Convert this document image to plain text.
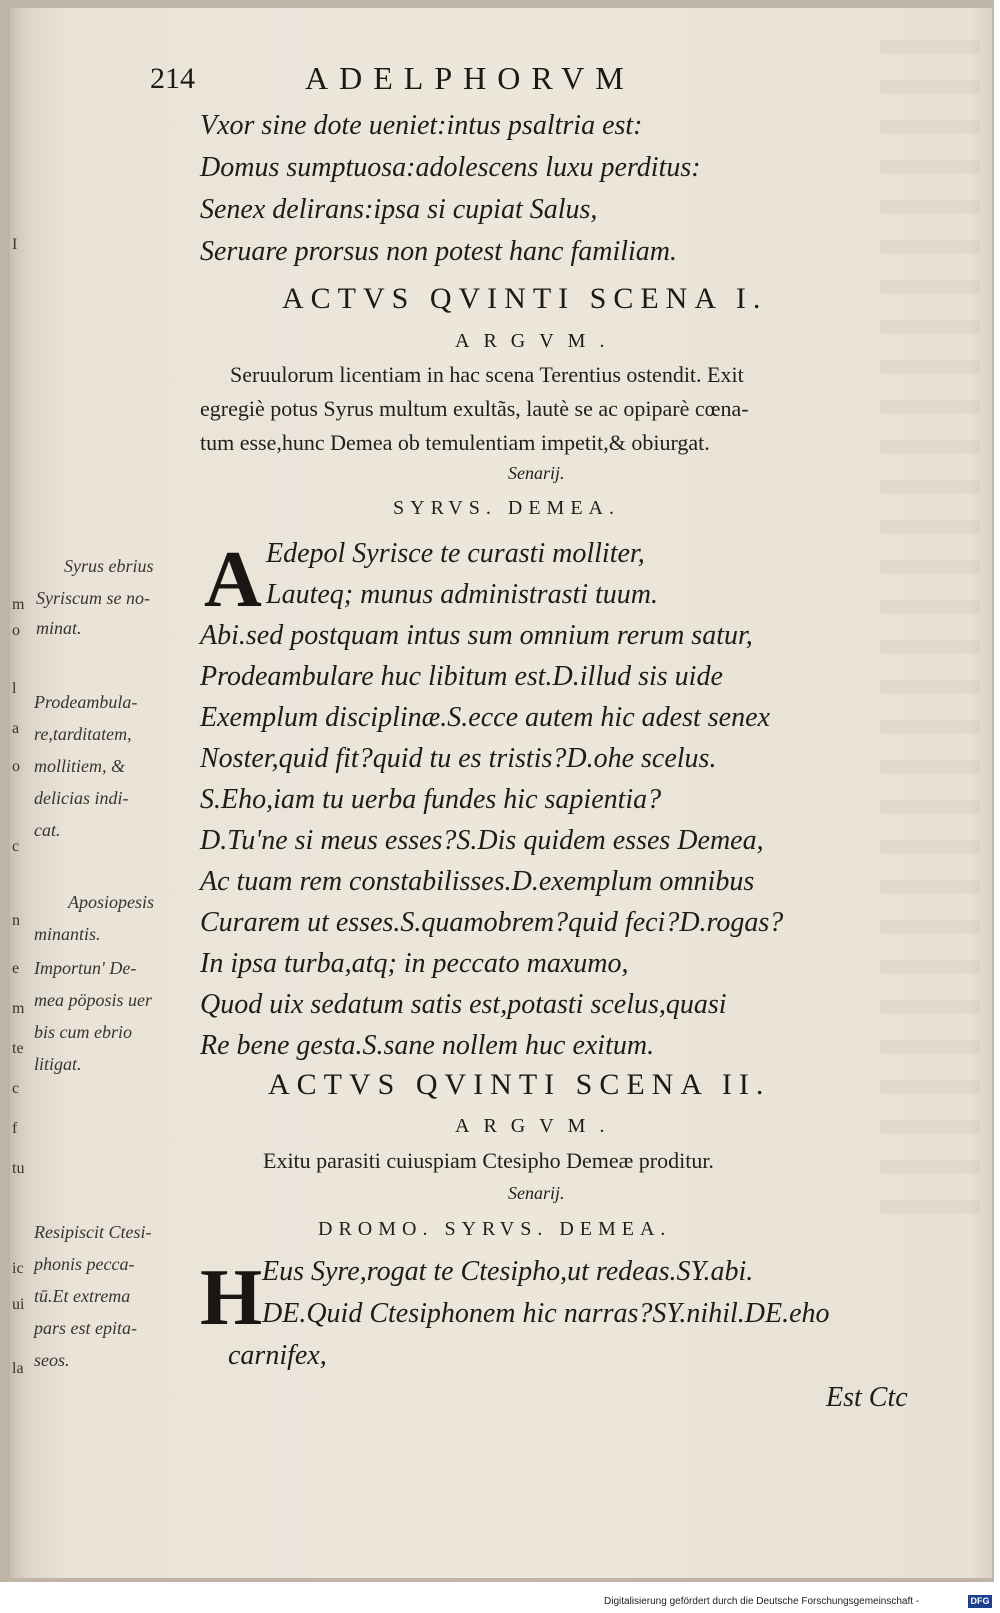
214	ADELPHORVM
Vxor sine dote ueniet:intus psaltria est:
Domus sumptuosa:adolescens luxu perditus:
Senex delirans:ipsa si cupiat Salus,
Seruare prorsus non potest hanc familiam.
ACTVS QVINTI SCENA I.
ARGVM.
Seruulorum licentiam in hac scena Terentius ostendit. Exit
egregiè potus Syrus multum exultãs, lautè se ac opiparè cœna-
tum esse,hunc Demea ob temulentiam impetit,& obiurgat.
Senarij.
SYRVS. DEMEA.
A Edepol Syrisce te curasti molliter,
Lauteq; munus administrasti tuum.
Abi.sed postquam intus sum omnium rerum satur,
Prodeambulare huc libitum est.D.illud sis uide
Exemplum disciplinæ.S.ecce autem hic adest senex
Noster,quid fit?quid tu es tristis?D.ohe scelus.
S.Eho,iam tu uerba fundes hic sapientia?
D.Tu'ne si meus esses?S.Dis quidem esses Demea,
Ac tuam rem constabilisses.D.exemplum omnibus
Curarem ut esses.S.quamobrem?quid feci?D.rogas?
In ipsa turba,atq; in peccato maxumo,
Quod uix sedatum satis est,potasti scelus,quasi
Re bene gesta.S.sane nollem huc exitum.
ACTVS QVINTI SCENA II.
ARGVM.
Exitu parasiti cuiuspiam Ctesipho Demeæ proditur.
Senarij.
DROMO. SYRVS. DEMEA.
H Eus Syre,rogat te Ctesipho,ut redeas.SY.abi.
DE.Quid Ctesiphonem hic narras?SY.nihil.DE.eho
carnifex,
Est Ctc
Syrus ebrius
Syriscum se no-
minat.
Prodeambula-
re,tarditatem,
mollitiem, &
delicias indi-
cat.
Aposiopesis
minantis.
Importun' De-
mea pöposis uer
bis cum ebrio
litigat.
Resipiscit Ctesi-
phonis pecca-
tū.Et extrema
pars est epita-
seos.
I
m
o
l
a
o
c
n
e
m
te
c
f
tu
ic
ui
la
Digitalisierung gefördert durch die Deutsche Forschungsgemeinschaft -	DFG
